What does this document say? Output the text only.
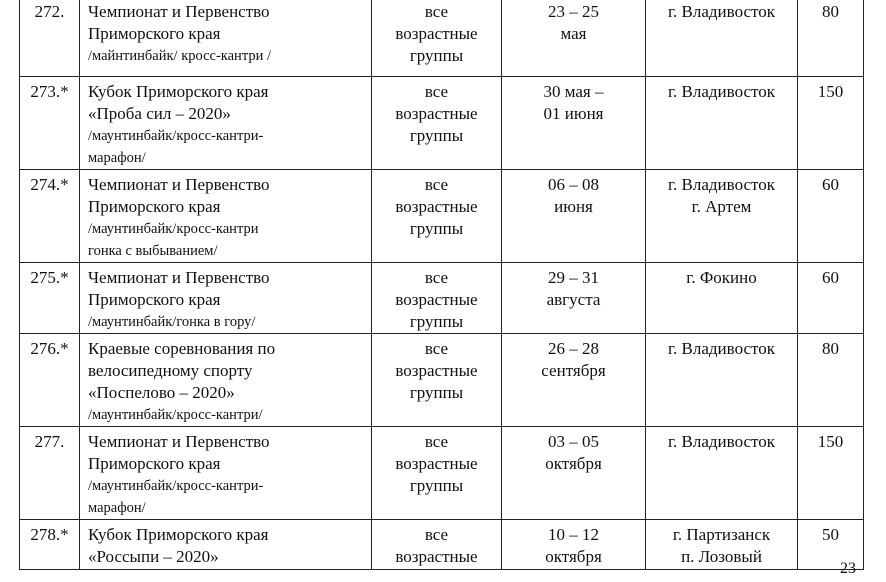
272.	Чемпионат и Первенство
Приморского края
/майнтинбайк/ кросс-кантри /	все
возрастные
группы	23 – 25
мая	г. Владивосток	80
273.*	Кубок Приморского края
«Проба сил – 2020»
/маунтинбайк/кросс-кантри-
марафон/	все
возрастные
группы	30 мая –
01 июня	г. Владивосток	150
274.*	Чемпионат и Первенство
Приморского края
/маунтинбайк/кросс-кантри
гонка с выбыванием/	все
возрастные
группы	06 – 08
июня	г. Владивосток
г. Артем	60
275.*	Чемпионат и Первенство
Приморского края
/маунтинбайк/гонка в гору/	все
возрастные
группы	29 – 31
августа	г. Фокино	60
276.*	Краевые соревнования по
велосипедному спорту
«Поспелово – 2020»
/маунтинбайк/кросс-кантри/	все
возрастные
группы	26 – 28
сентября	г. Владивосток	80
277.	Чемпионат и Первенство
Приморского края
/маунтинбайк/кросс-кантри-
марафон/	все
возрастные
группы	03 – 05
октября	г. Владивосток	150
278.*	Кубок Приморского края
«Россыпи – 2020»	все
возрастные	10 – 12
октября	г. Партизанск
п. Лозовый	50
23
